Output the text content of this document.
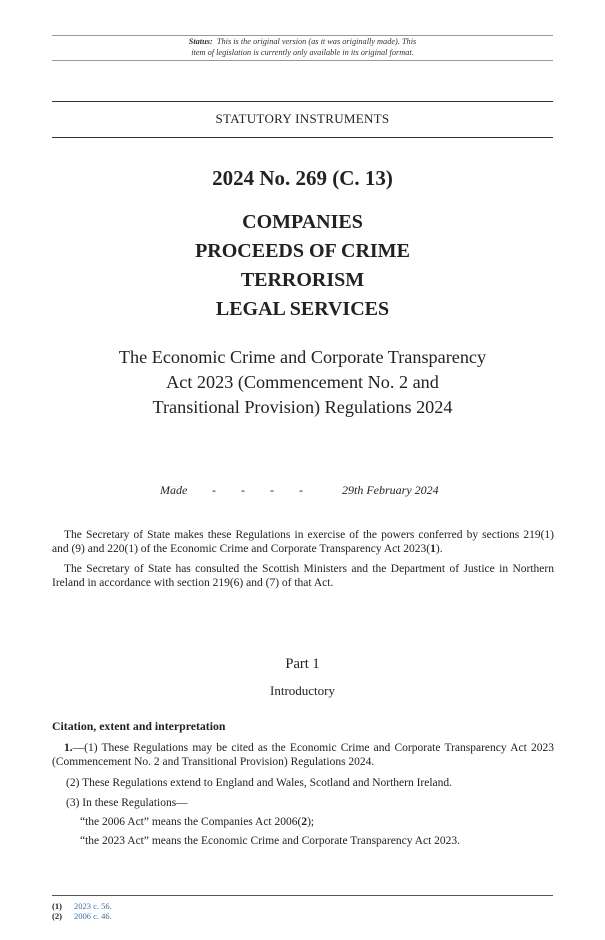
Status: This is the original version (as it was originally made). This
item of legislation is currently only available in its original format.
STATUTORY INSTRUMENTS
2024 No. 269 (C. 13)
COMPANIES
PROCEEDS OF CRIME
TERRORISM
LEGAL SERVICES
The Economic Crime and Corporate Transparency
Act 2023 (Commencement No. 2 and
Transitional Provision) Regulations 2024
Made - - - - 29th February 2024
The Secretary of State makes these Regulations in exercise of the powers conferred by sections 219(1) and (9) and 220(1) of the Economic Crime and Corporate Transparency Act 2023(1).
The Secretary of State has consulted the Scottish Ministers and the Department of Justice in Northern Ireland in accordance with section 219(6) and (7) of that Act.
Part 1
Introductory
Citation, extent and interpretation
1.—(1) These Regulations may be cited as the Economic Crime and Corporate Transparency Act 2023 (Commencement No. 2 and Transitional Provision) Regulations 2024.
(2) These Regulations extend to England and Wales, Scotland and Northern Ireland.
(3) In these Regulations—
“the 2006 Act” means the Companies Act 2006(2);
“the 2023 Act” means the Economic Crime and Corporate Transparency Act 2023.
(1) 2023 c. 56.
(2) 2006 c. 46.
